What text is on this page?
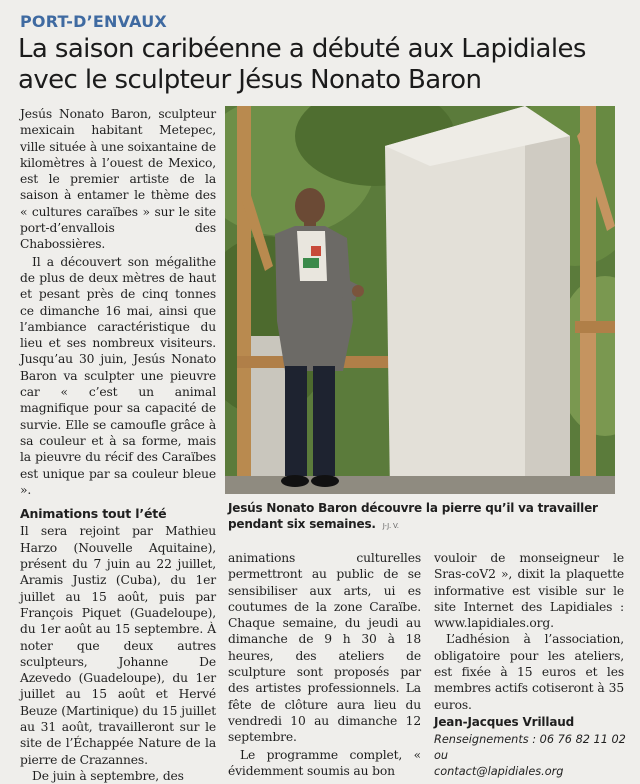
PORT-D’ENVAUX
La saison caribéenne a débuté aux Lapidiales
avec le sculpteur Jésus Nonato Baron

Jesús Nonato Baron, sculpteur mexicain habitant Metepec, ville située à une soixantaine de kilomètres à l’ouest de Mexico, est le premier artiste de la saison à entamer le thème des « cultures caraïbes » sur le site port-d’envallois des Chabossières.

Il a découvert son mégalithe de plus de deux mètres de haut et pesant près de cinq tonnes ce dimanche 16 mai, ainsi que l’ambiance caractéristique du lieu et ses nombreux visiteurs. Jusqu’au 30 juin, Jesús Nonato Baron va sculpter une pieuvre car « c’est un animal magnifique pour sa capacité de survie. Elle se camoufle grâce à sa couleur et à sa forme, mais la pieuvre du récif des Caraïbes est unique par sa couleur bleue ».

Animations tout l’été

Il sera rejoint par Mathieu Harzo (Nouvelle Aquitaine), présent du 7 juin au 22 juillet, Aramis Justiz (Cuba), du 1er juillet au 15 août, puis par François Piquet (Guadeloupe), du 1er août au 15 septembre. À noter que deux autres sculpteurs, Johanne De Azevedo (Guadeloupe), du 1er juillet au 15 août et Hervé Beuze (Martinique) du 15 juillet au 31 août, travailleront sur le site de l’Échappée Nature de la pierre de Crazannes.

De juin à septembre, des

Jesús Nonato Baron découvre la pierre qu’il va travailler pendant six semaines. J-J. V.

animations culturelles permettront au public de se sensibiliser aux arts, ui es coutumes de la zone Caraïbe. Chaque semaine, du jeudi au dimanche de 9 h 30 à 18 heures, des ateliers de sculpture sont proposés par des artistes professionnels. La fête de clôture aura lieu du vendredi 10 au dimanche 12 septembre.

Le programme complet, « évidemment soumis au bon

vouloir de monseigneur le Sras-coV2 », dixit la plaquette informative est visible sur le site Internet des Lapidiales : www.lapidiales.org.

L’adhésion à l’association, obligatoire pour les ateliers, est fixée à 15 euros et les membres actifs cotiseront à 35 euros.

Jean-Jacques Vrillaud
Renseignements : 06 76 82 11 02 ou
contact@lapidiales.org
